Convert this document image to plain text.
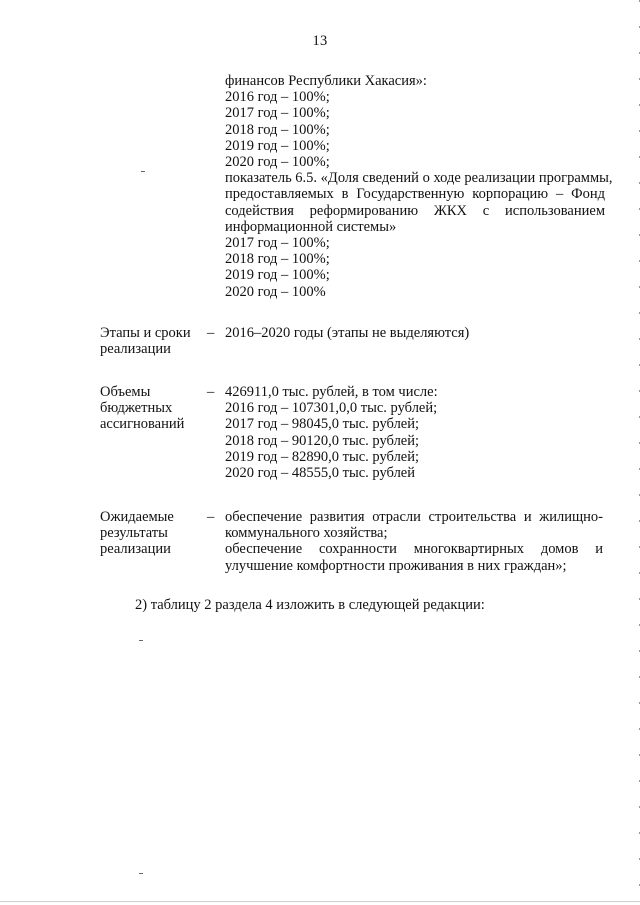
13
финансов Республики Хакасия»:
2016 год – 100%;
2017 год – 100%;
2018 год – 100%;
2019 год – 100%;
2020 год – 100%;
показатель 6.5. «Доля сведений о ходе реализации программы,
предоставляемых в Государственную корпорацию – Фонд
содействия реформированию ЖКХ с использованием
информационной системы»
2017 год – 100%;
2018 год – 100%;
2019 год – 100%;
2020 год – 100%
Этапы и сроки
реализации
– 2016–2020 годы (этапы не выделяются)
Объемы
бюджетных
ассигнований
– 426911,0 тыс. рублей, в том числе:
2016 год – 107301,0,0 тыс. рублей;
2017 год – 98045,0 тыс. рублей;
2018 год – 90120,0 тыс. рублей;
2019 год – 82890,0 тыс. рублей;
2020 год – 48555,0 тыс. рублей
Ожидаемые
результаты
реализации
– обеспечение развития отрасли строительства и жилищно-
коммунального хозяйства;
обеспечение сохранности многоквартирных домов и
улучшение комфортности проживания в них граждан»;
2) таблицу 2 раздела 4 изложить в следующей редакции:
